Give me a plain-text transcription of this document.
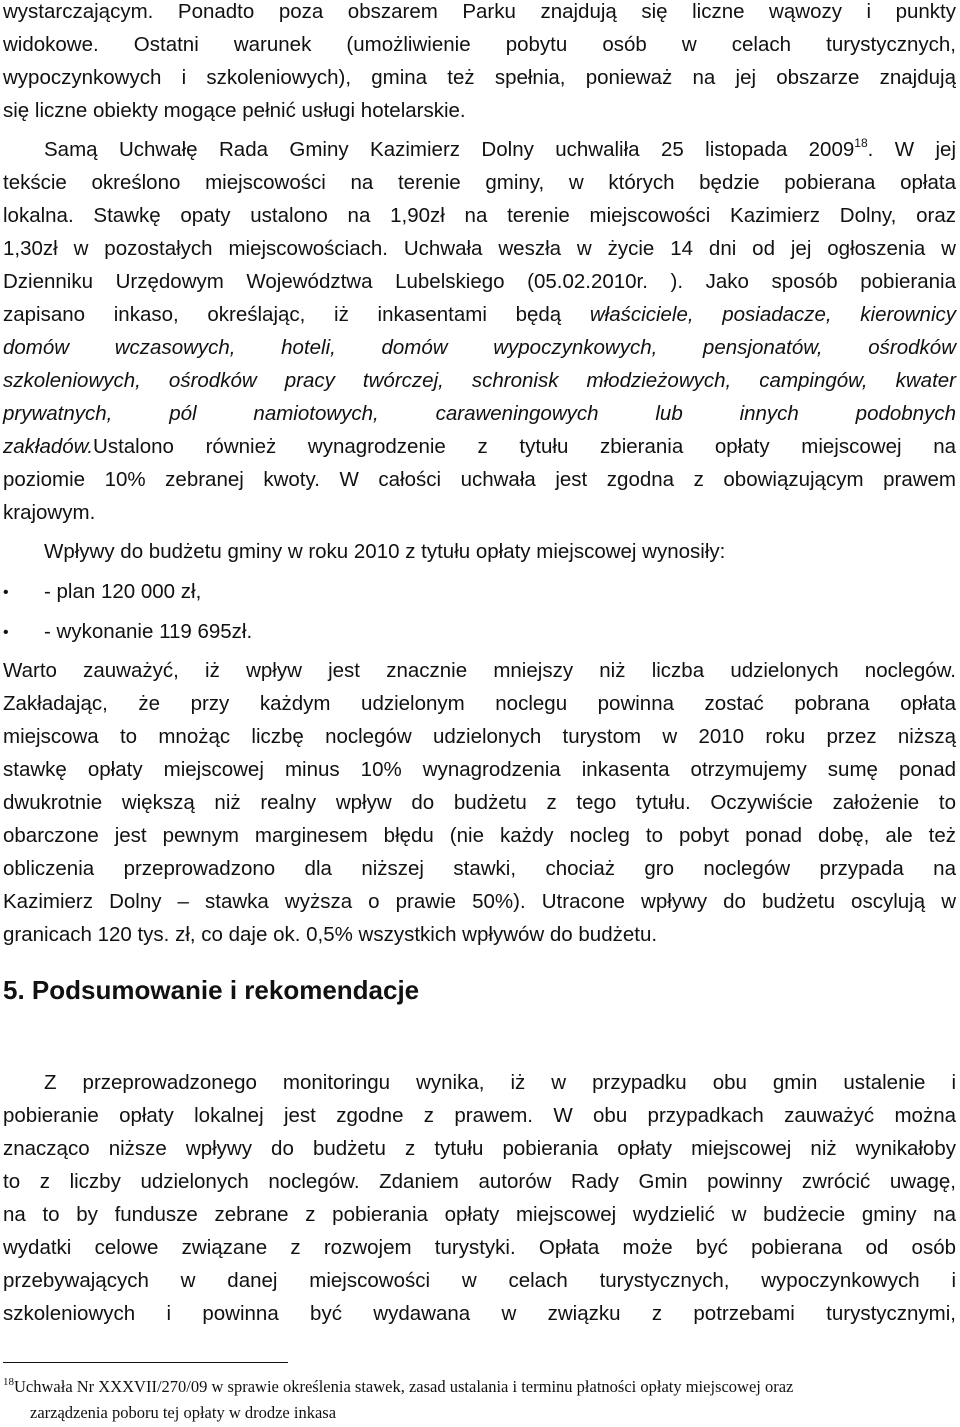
wystarczającym. Ponadto poza obszarem Parku znajdują się liczne wąwozy i punkty
widokowe. Ostatni warunek (umożliwienie pobytu osób w celach turystycznych,
wypoczynkowych i szkoleniowych), gmina też spełnia, ponieważ na jej obszarze znajdują
się liczne obiekty mogące pełnić usługi hotelarskie.
Samą Uchwałę Rada Gminy Kazimierz Dolny uchwaliła 25 listopada 2009$^{18}$. W jej
tekście określono miejscowości na terenie gminy, w których będzie pobierana opłata
lokalna. Stawkę opaty ustalono na 1,90zł na terenie miejscowości Kazimierz Dolny, oraz
1,30zł w pozostałych miejscowościach. Uchwała weszła w życie 14 dni od jej ogłoszenia w
Dzienniku Urzędowym Województwa Lubelskiego (05.02.2010r. ). Jako sposób pobierania
zapisano inkaso, określając, iż inkasentami będą właściciele, posiadacze, kierownicy
domów wczasowych, hoteli, domów wypoczynkowych, pensjonatów, ośrodków
szkoleniowych, ośrodków pracy twórczej, schronisk młodzieżowych, campingów, kwater
prywatnych, pól namiotowych, caraweningowych lub innych podobnych
zakładów.Ustalono również wynagrodzenie z tytułu zbierania opłaty miejscowej na
poziomie 10% zebranej kwoty. W całości uchwała jest zgodna z obowiązującym prawem
krajowym.
Wpływy do budżetu gminy w roku 2010 z tytułu opłaty miejscowej wynosiły:
• - plan 120 000 zł,
• - wykonanie 119 695zł.
Warto zauważyć, iż wpływ jest znacznie mniejszy niż liczba udzielonych noclegów.
Zakładając, że przy każdym udzielonym noclegu powinna zostać pobrana opłata
miejscowa to mnożąc liczbę noclegów udzielonych turystom w 2010 roku przez niższą
stawkę opłaty miejscowej minus 10% wynagrodzenia inkasenta otrzymujemy sumę ponad
dwukrotnie większą niż realny wpływ do budżetu z tego tytułu. Oczywiście założenie to
obarczone jest pewnym marginesem błędu (nie każdy nocleg to pobyt ponad dobę, ale też
obliczenia przeprowadzono dla niższej stawki, chociaż gro noclegów przypada na
Kazimierz Dolny – stawka wyższa o prawie 50%). Utracone wpływy do budżetu oscylują w
granicach 120 tys. zł, co daje ok. 0,5% wszystkich wpływów do budżetu.
5. Podsumowanie i rekomendacje
Z przeprowadzonego monitoringu wynika, iż w przypadku obu gmin ustalenie i
pobieranie opłaty lokalnej jest zgodne z prawem. W obu przypadkach zauważyć można
znacząco niższe wpływy do budżetu z tytułu pobierania opłaty miejscowej niż wynikałoby
to z liczby udzielonych noclegów. Zdaniem autorów Rady Gmin powinny zwrócić uwagę,
na to by fundusze zebrane z pobierania opłaty miejscowej wydzielić w budżecie gminy na
wydatki celowe związane z rozwojem turystyki. Opłata może być pobierana od osób
przebywających w danej miejscowości w celach turystycznych, wypoczynkowych i
szkoleniowych i powinna być wydawana w związku z potrzebami turystycznymi,
$^{18}$Uchwała Nr XXXVII/270/09 w sprawie określenia stawek, zasad ustalania i terminu płatności opłaty miejscowej oraz
zarządzenia poboru tej opłaty w drodze inkasa
